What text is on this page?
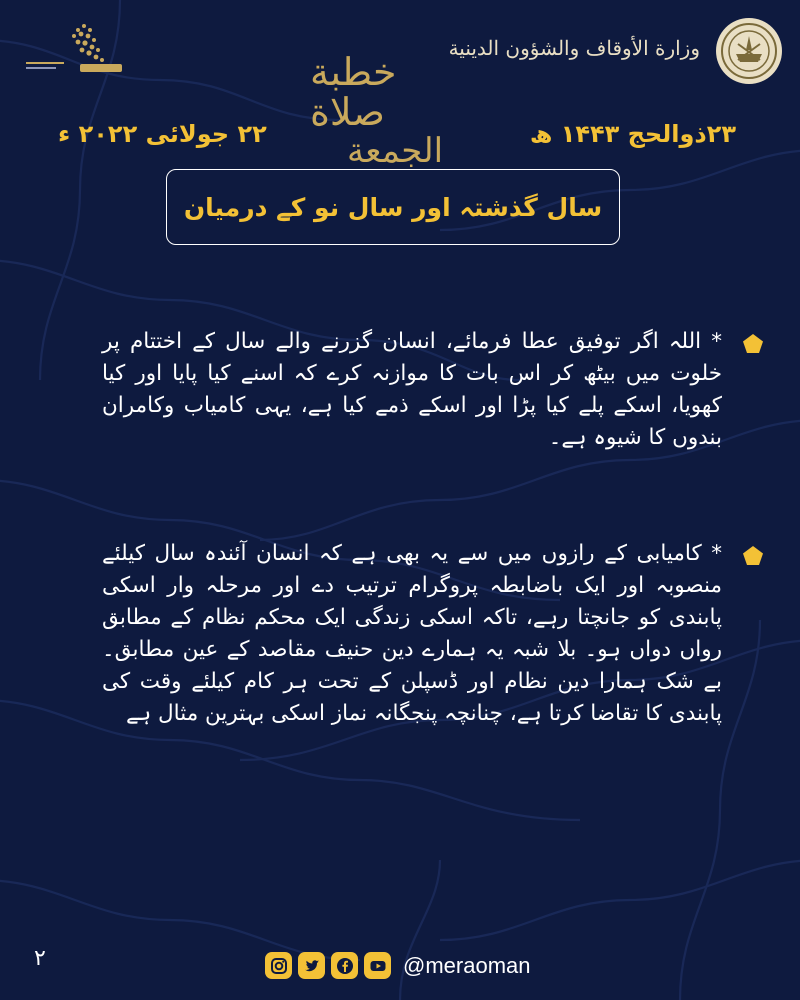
وزارة الأوقاف والشؤون الدينية
خطبة صلاة
الجمعة	۲۳ذوالحج ۱۴۴۳ ھ
۲۲ جولائی ۲۰۲۲ ء
سال گذشتہ اور سال نو کے درمیان
* اللہ اگر توفیق عطا فرمائے، انسان گزرنے والے سال کے اختتام پر خلوت میں بیٹھ کر اس بات کا موازنہ کرے کہ اسنے کیا پایا اور کیا کھویا، اسکے پلے کیا پڑا اور اسکے ذمے کیا ہے، یہی کامیاب وکامران بندوں کا شیوہ ہے۔
* کامیابی کے رازوں میں سے یہ بھی ہے کہ انسان آئندہ سال کیلئے منصوبہ اور ایک باضابطہ پروگرام ترتیب دے اور مرحلہ وار اسکی پابندی کو جانچتا رہے، تاکہ اسکی زندگی ایک محکم نظام کے مطابق رواں دواں ہو۔ بلا شبہ یہ ہمارے دین حنیف مقاصد کے عین مطابق۔ بے شک ہمارا دین نظام اور ڈسپلن کے تحت ہر کام کیلئے وقت کی پابندی کا تقاضا کرتا ہے، چنانچہ پنجگانہ نماز اسکی بہترین مثال ہے
۲	@meraoman
